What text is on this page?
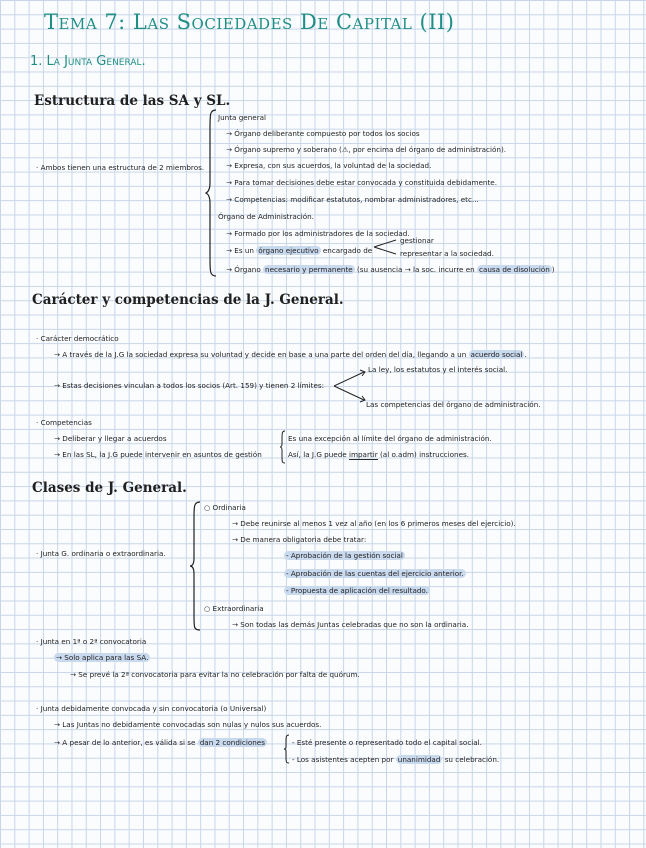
Tema 7: Las Sociedades De Capital (II)
1. La Junta General.
Estructura de las SA y SL.
· Ambos tienen una estructura de 2 miembros.
Junta general
→ Órgano deliberante compuesto por todos los socios
→ Órgano supremo y soberano (⚠, por encima del órgano de administración).
→ Expresa, con sus acuerdos, la voluntad de la sociedad.
→ Para tomar decisiones debe estar convocada y constituida debidamente.
→ Competencias: modificar estatutos, nombrar administradores, etc...
Órgano de Administración.
→ Formado por los administradores de la sociedad.
→ Es un órgano ejecutivo encargado de
gestionar
representar a la sociedad.
→ Órgano necesario y permanente (su ausencia → la soc. incurre en causa de disolución )
Carácter y competencias de la J. General.
· Carácter democrático
→ A través de la J.G la sociedad expresa su voluntad y decide en base a una parte del orden del día, llegando a un acuerdo social .
→ Estas decisiones vinculan a todos los socios (Art. 159) y tienen 2 límites:
La ley, los estatutos y el interés social.
Las competencias del órgano de administración.
· Competencias
→ Deliberar y llegar a acuerdos
→ En las SL, la J.G puede intervenir en asuntos de gestión
Es una excepción al límite del órgano de administración.
Así, la J.G puede impartir (al o.adm) instrucciones.
Clases de J. General.
· Junta G. ordinaria o extraordinaria.
○ Ordinaria
→ Debe reunirse al menos 1 vez al año (en los 6 primeros meses del ejercicio).
→ De manera obligatoria debe tratar:
- Aprobación de la gestión social
- Aprobación de las cuentas del ejercicio anterior.
- Propuesta de aplicación del resultado.
○ Extraordinaria
→ Son todas las demás Juntas celebradas que no son la ordinaria.
· Junta en 1ª o 2ª convocatoria
→ Solo aplica para las SA.
→ Se prevé la 2ª convocatoria para evitar la no celebración por falta de quórum.
· Junta debidamente convocada y sin convocatoria (o Universal)
→ Las Juntas no debidamente convocadas son nulas y nulos sus acuerdos.
→ A pesar de lo anterior, es válida si se dan 2 condiciones	- Esté presente o representado todo el capital social.
- Los asistentes acepten por unanimidad su celebración.
